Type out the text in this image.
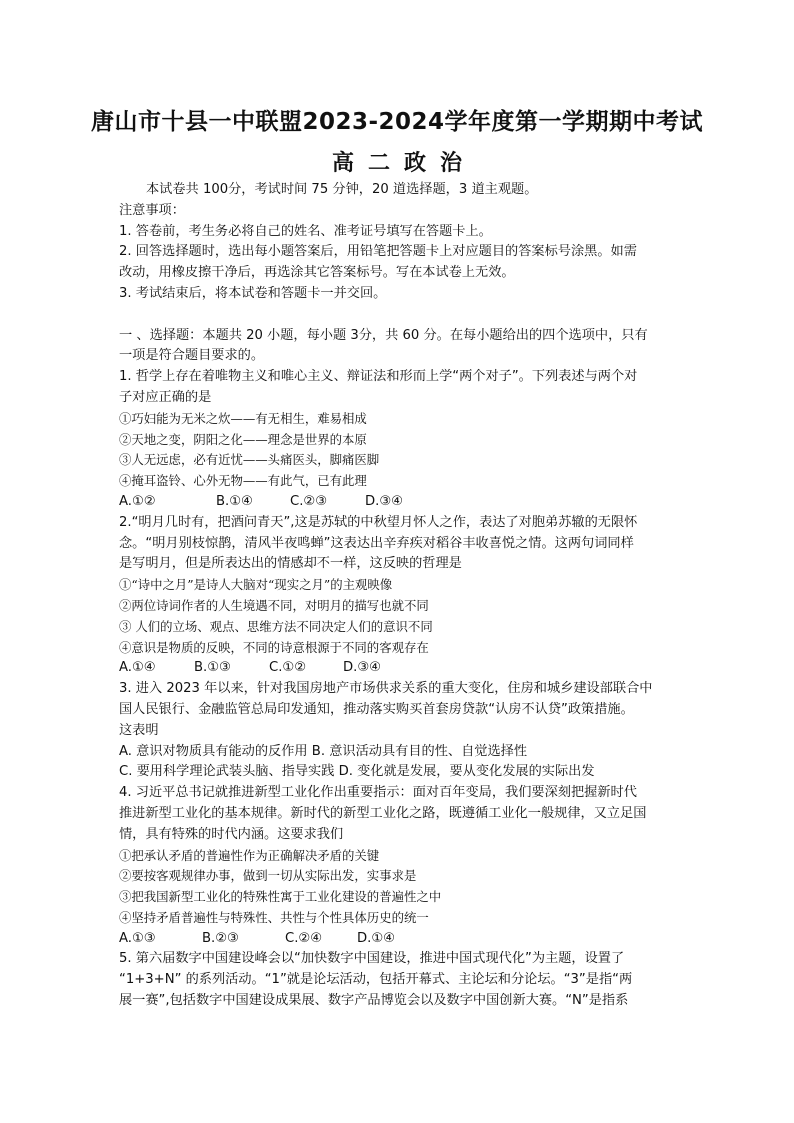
唐山市十县一中联盟2023-2024学年度第一学期期中考试
高二政治
本试卷共 100分，考试时间 75 分钟，20 道选择题，3 道主观题。
注意事项：
1. 答卷前，考生务必将自己的姓名、准考证号填写在答题卡上。
2. 回答选择题时，选出每小题答案后，用铅笔把答题卡上对应题目的答案标号涂黑。如需
改动，用橡皮擦干净后，再选涂其它答案标号。写在本试卷上无效。
3. 考试结束后，将本试卷和答题卡一并交回。
一 、选择题：本题共 20 小题，每小题 3分，共 60 分。在每小题给出的四个选项中，只有
一项是符合题目要求的。
1. 哲学上存在着唯物主义和唯心主义、辩证法和形而上学“两个对子”。下列表述与两个对
子对应正确的是
①巧妇能为无米之炊——有无相生，难易相成
②天地之变，阴阳之化——理念是世界的本原
③人无远虑，必有近忧——头痛医头，脚痛医脚
④掩耳盗铃、心外无物——有此气，已有此理
A.①②	B.①④	C.②③	D.③④
2.“明月几时有，把酒问青天”,这是苏轼的中秋望月怀人之作，表达了对胞弟苏辙的无限怀
念。“明月别枝惊鹊，清风半夜鸣蝉”这表达出辛弃疾对稻谷丰收喜悦之情。这两句词同样
是写明月，但是所表达出的情感却不一样，这反映的哲理是
①“诗中之月”是诗人大脑对“现实之月”的主观映像
②两位诗词作者的人生境遇不同，对明月的描写也就不同
③ 人们的立场、观点、思维方法不同决定人们的意识不同
④意识是物质的反映，不同的诗意根源于不同的客观存在
A.①④	B.①③	C.①②	D.③④
3. 进入 2023 年以来，针对我国房地产市场供求关系的重大变化，住房和城乡建设部联合中
国人民银行、金融监管总局印发通知，推动落实购买首套房贷款“认房不认贷”政策措施。
这表明
A. 意识对物质具有能动的反作用 B. 意识活动具有目的性、自觉选择性
C. 要用科学理论武装头脑、指导实践 D. 变化就是发展，要从变化发展的实际出发
4. 习近平总书记就推进新型工业化作出重要指示：面对百年变局，我们要深刻把握新时代
推进新型工业化的基本规律。新时代的新型工业化之路，既遵循工业化一般规律，又立足国
情，具有特殊的时代内涵。这要求我们
①把承认矛盾的普遍性作为正确解决矛盾的关键
②要按客观规律办事，做到一切从实际出发，实事求是
③把我国新型工业化的特殊性寓于工业化建设的普遍性之中
④坚持矛盾普遍性与特殊性、共性与个性具体历史的统一
A.①③	B.②③	C.②④	D.①④
5. 第六届数字中国建设峰会以“加快数字中国建设，推进中国式现代化”为主题，设置了
“1+3+N” 的系列活动。“1”就是论坛活动，包括开幕式、主论坛和分论坛。“3”是指“两
展一赛”,包括数字中国建设成果展、数字产品博览会以及数字中国创新大赛。“N”是指系
